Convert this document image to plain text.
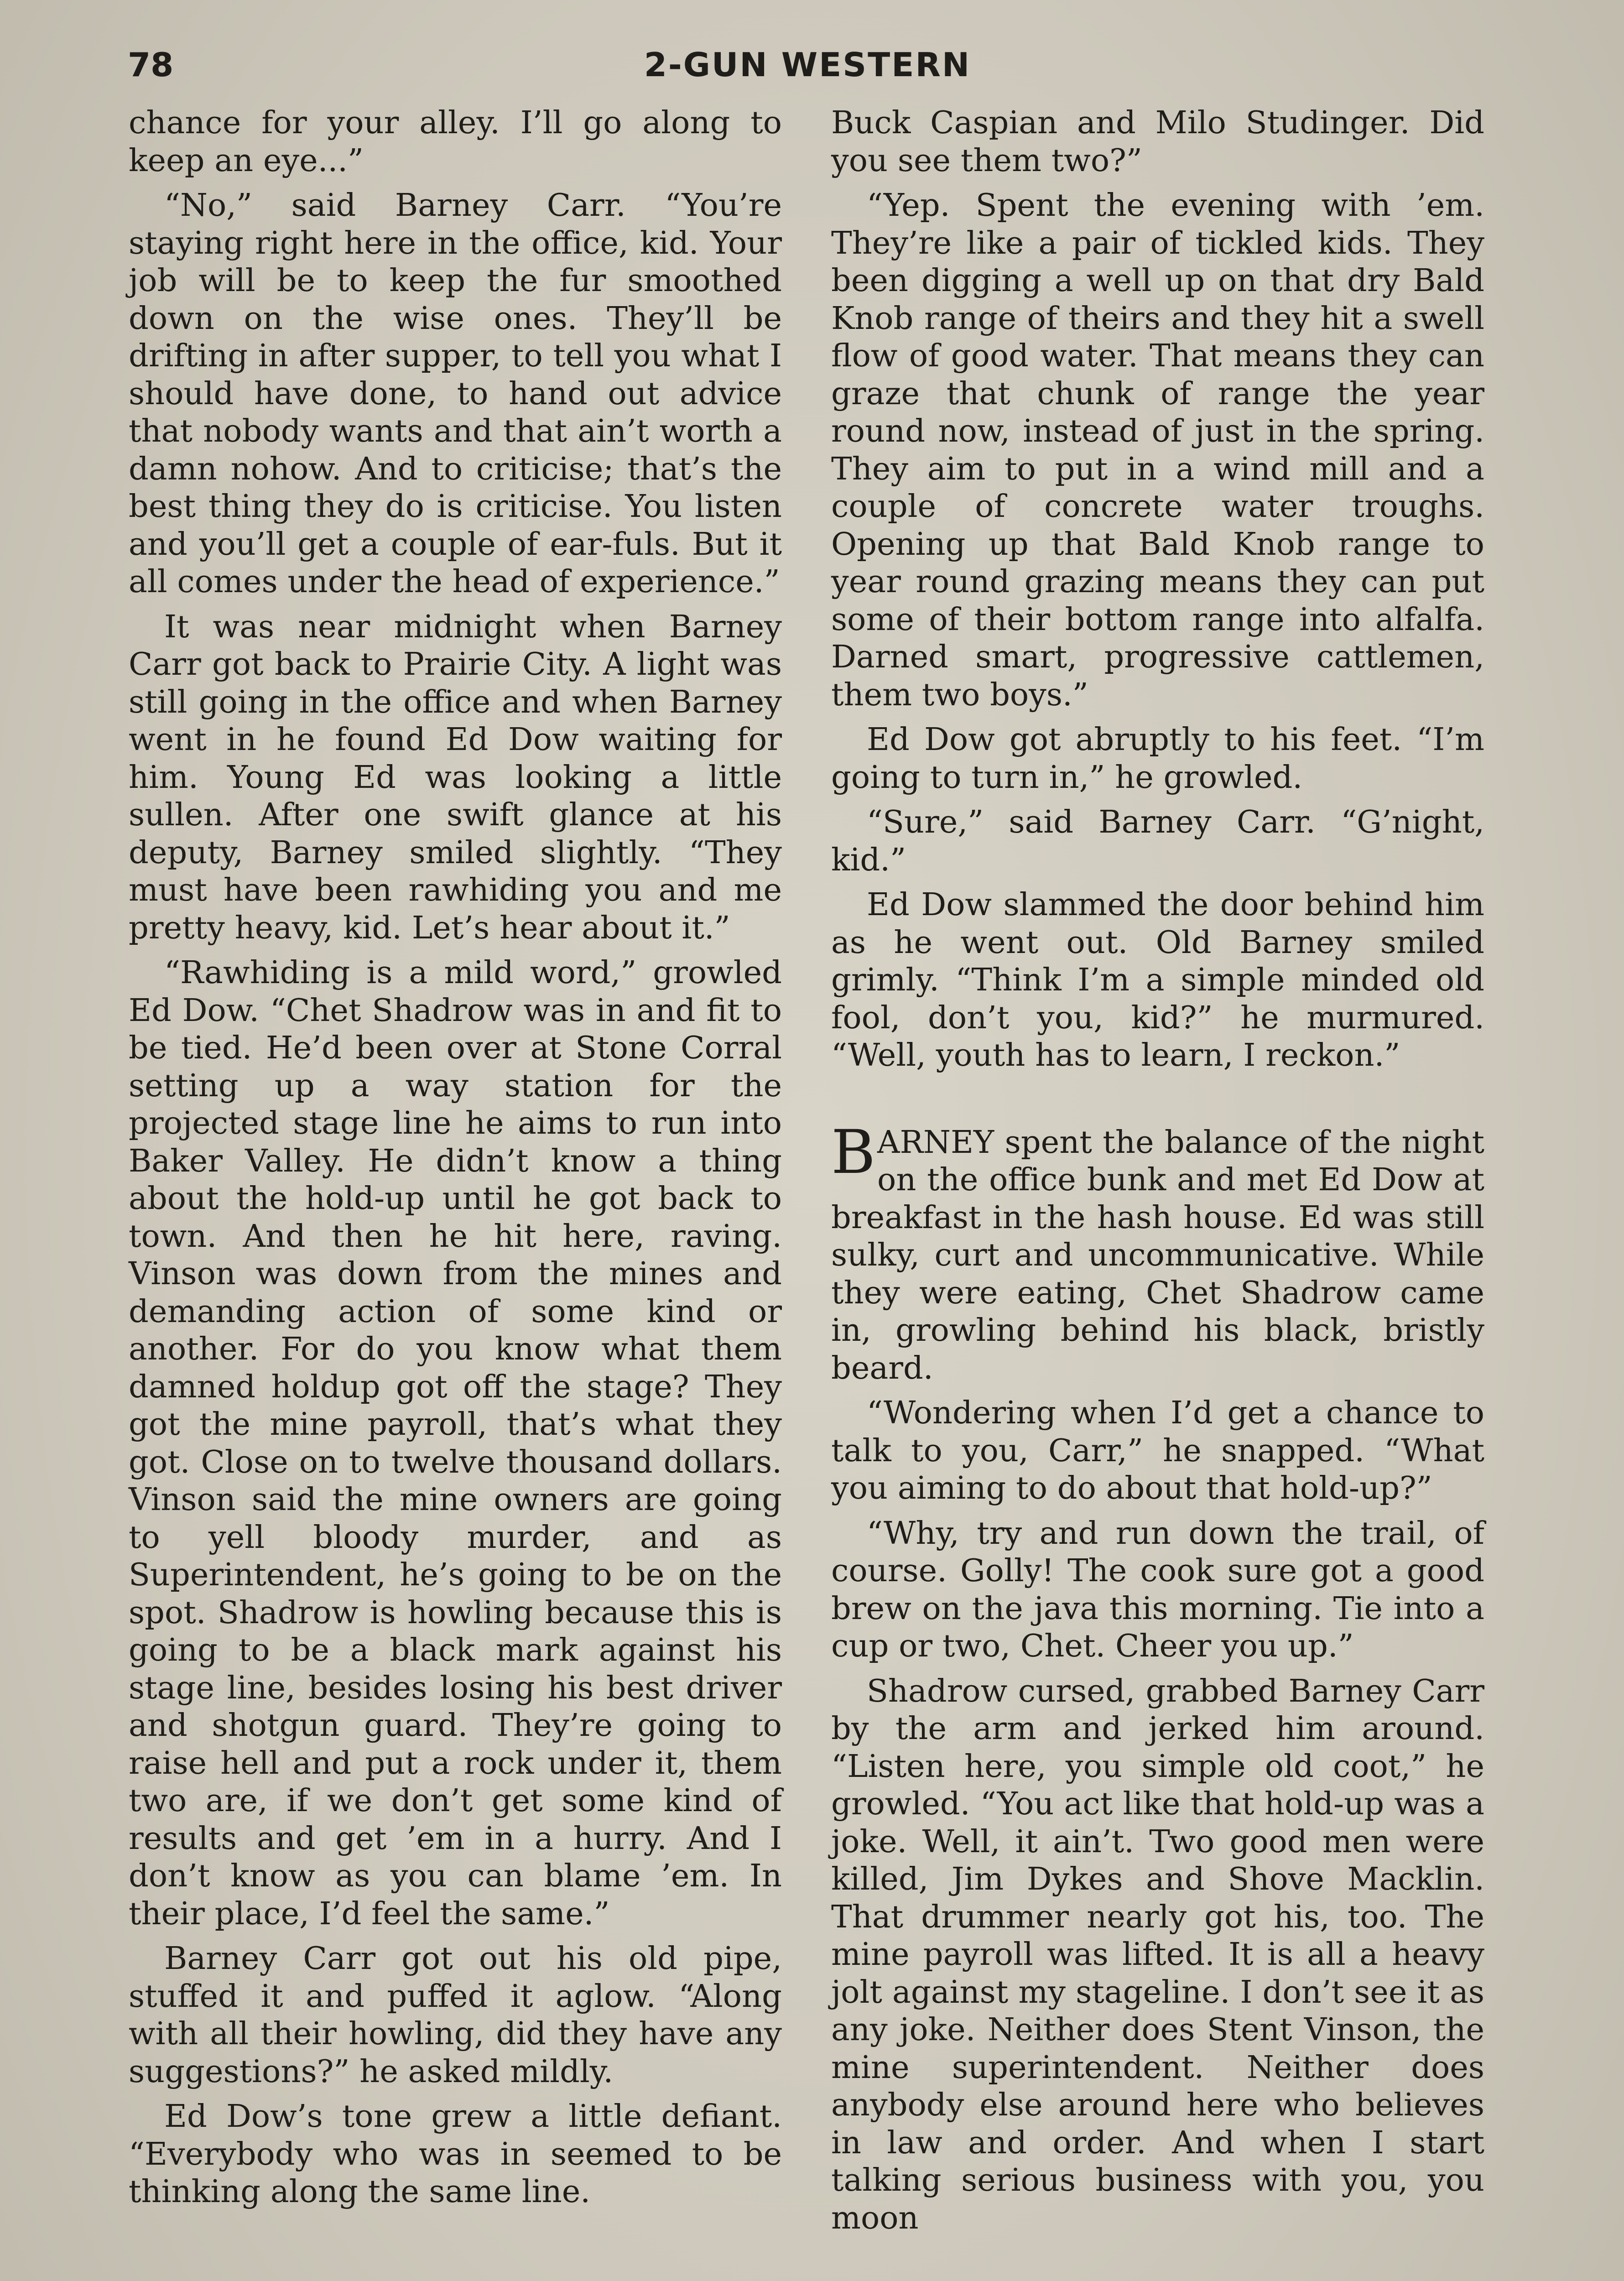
78	2-GUN WESTERN

chance for your alley. I’ll go along to keep an eye...”

“No,” said Barney Carr. “You’re staying right here in the office, kid. Your job will be to keep the fur smoothed down on the wise ones. They’ll be drifting in after supper, to tell you what I should have done, to hand out advice that nobody wants and that ain’t worth a damn nohow. And to criticise; that’s the best thing they do is criticise. You listen and you’ll get a couple of ear-fuls. But it all comes under the head of experience.”

It was near midnight when Barney Carr got back to Prairie City. A light was still going in the office and when Barney went in he found Ed Dow waiting for him. Young Ed was looking a little sullen. After one swift glance at his deputy, Barney smiled slightly. “They must have been rawhiding you and me pretty heavy, kid. Let’s hear about it.”

“Rawhiding is a mild word,” growled Ed Dow. “Chet Shadrow was in and fit to be tied. He’d been over at Stone Corral setting up a way station for the projected stage line he aims to run into Baker Valley. He didn’t know a thing about the hold-up until he got back to town. And then he hit here, raving. Vinson was down from the mines and demanding action of some kind or another. For do you know what them damned holdup got off the stage? They got the mine payroll, that’s what they got. Close on to twelve thousand dollars. Vinson said the mine owners are going to yell bloody murder, and as Superintendent, he’s going to be on the spot. Shadrow is howling because this is going to be a black mark against his stage line, besides losing his best driver and shotgun guard. They’re going to raise hell and put a rock under it, them two are, if we don’t get some kind of results and get ’em in a hurry. And I don’t know as you can blame ’em. In their place, I’d feel the same.”

Barney Carr got out his old pipe, stuffed it and puffed it aglow. “Along with all their howling, did they have any suggestions?” he asked mildly.

Ed Dow’s tone grew a little defiant. “Everybody who was in seemed to be thinking along the same line.

Buck Caspian and Milo Studinger. Did you see them two?”

“Yep. Spent the evening with ’em. They’re like a pair of tickled kids. They been digging a well up on that dry Bald Knob range of theirs and they hit a swell flow of good water. That means they can graze that chunk of range the year round now, instead of just in the spring. They aim to put in a wind mill and a couple of concrete water troughs. Opening up that Bald Knob range to year round grazing means they can put some of their bottom range into alfalfa. Darned smart, progressive cattlemen, them two boys.”

Ed Dow got abruptly to his feet. “I’m going to turn in,” he growled.

“Sure,” said Barney Carr. “G’night, kid.”

Ed Dow slammed the door behind him as he went out. Old Barney smiled grimly. “Think I’m a simple minded old fool, don’t you, kid?” he murmured. “Well, youth has to learn, I reckon.”

BARNEY spent the balance of the night on the office bunk and met Ed Dow at breakfast in the hash house. Ed was still sulky, curt and uncommunicative. While they were eating, Chet Shadrow came in, growling behind his black, bristly beard.

“Wondering when I’d get a chance to talk to you, Carr,” he snapped. “What you aiming to do about that hold-up?”

“Why, try and run down the trail, of course. Golly! The cook sure got a good brew on the java this morning. Tie into a cup or two, Chet. Cheer you up.”

Shadrow cursed, grabbed Barney Carr by the arm and jerked him around. “Listen here, you simple old coot,” he growled. “You act like that hold-up was a joke. Well, it ain’t. Two good men were killed, Jim Dykes and Shove Macklin. That drummer nearly got his, too. The mine payroll was lifted. It is all a heavy jolt against my stageline. I don’t see it as any joke. Neither does Stent Vinson, the mine superintendent. Neither does anybody else around here who believes in law and order. And when I start talking serious business with you, you moon
